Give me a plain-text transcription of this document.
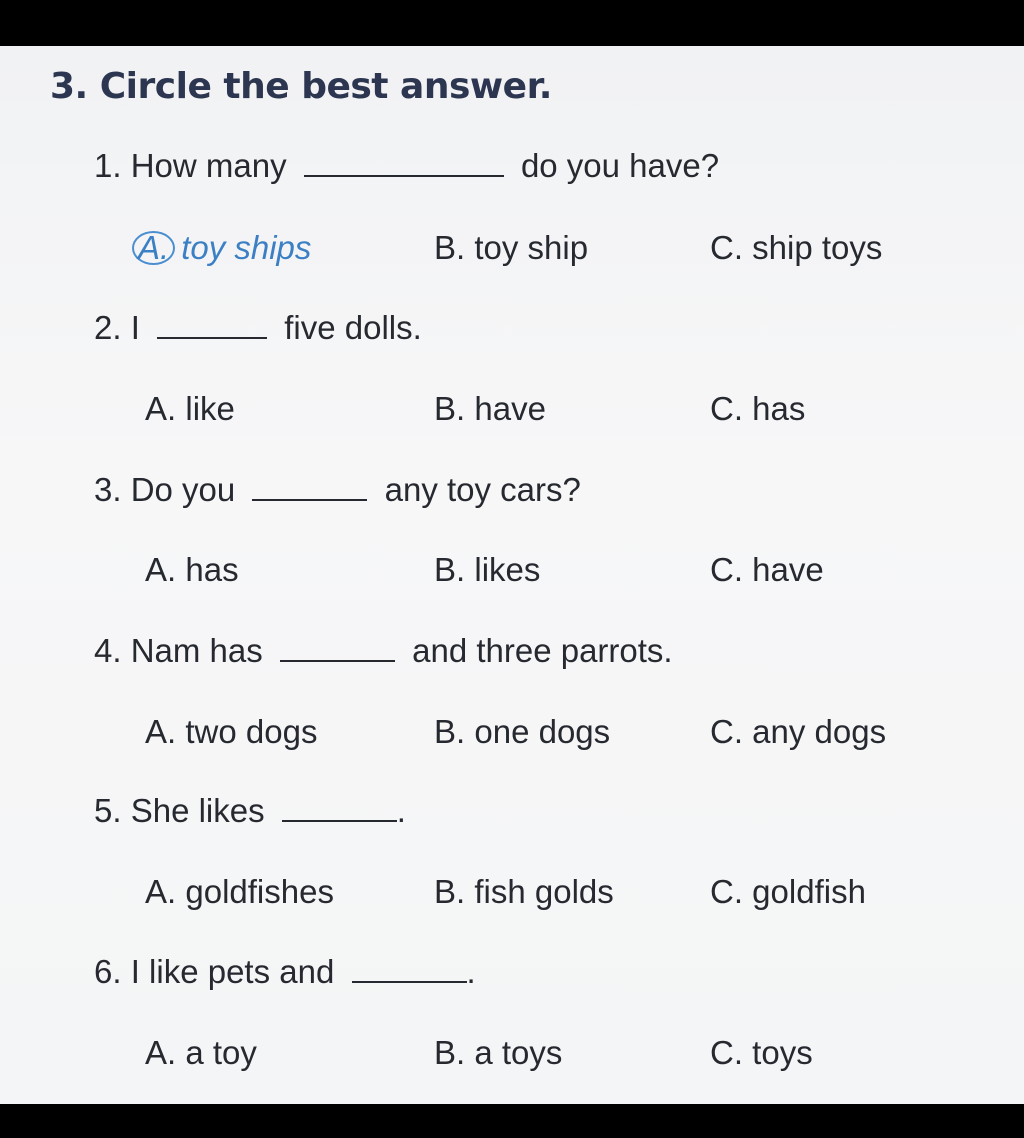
3. Circle the best answer.
1. How many	do you have?
A. toy ships	B. toy ship	C. ship toys
2. I	five dolls.
A. like	B. have	C. has
3. Do you	any toy cars?
A. has	B. likes	C. have
4. Nam has	and three parrots.
A. two dogs	B. one dogs	C. any dogs
5. She likes	.
A. goldfishes	B. fish golds	C. goldfish
6. I like pets and	.
A. a toy	B. a toys	C. toys
